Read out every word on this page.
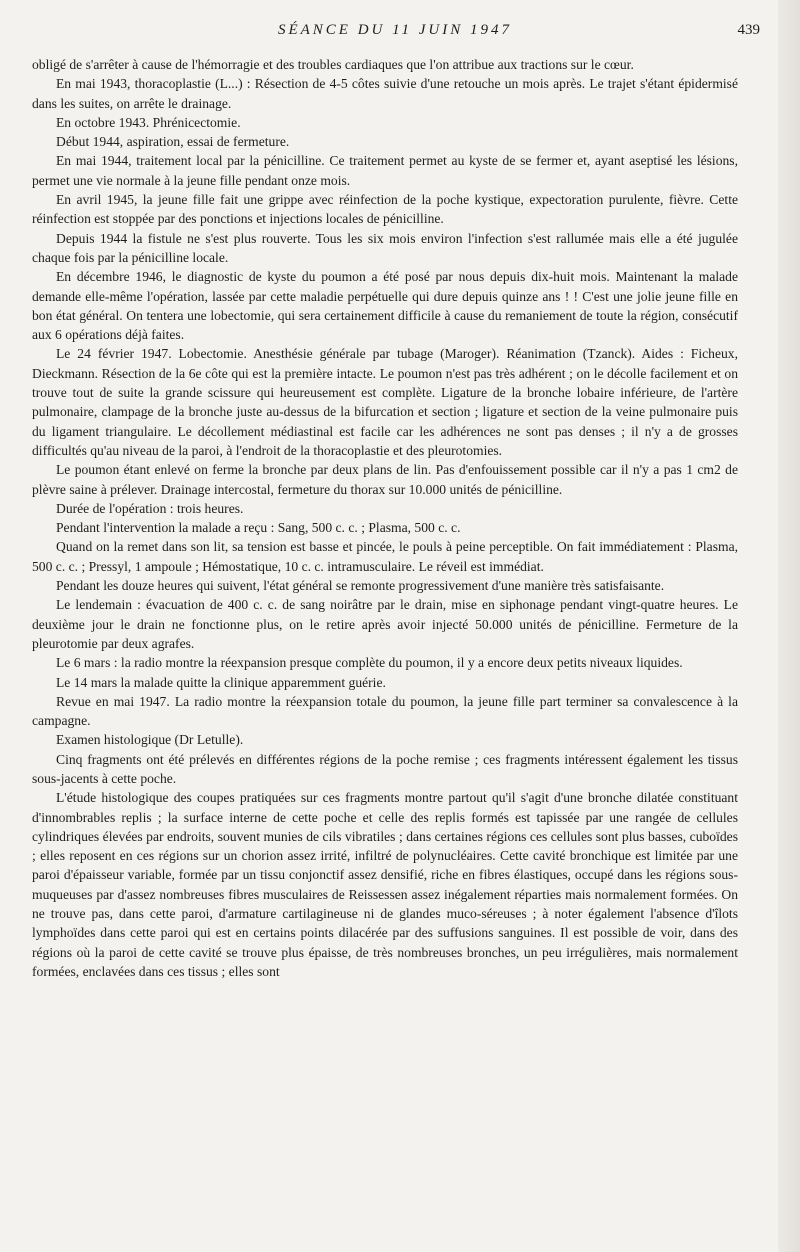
SÉANCE DU 11 JUIN 1947	439

obligé de s'arrêter à cause de l'hémorragie et des troubles cardiaques que l'on attribue aux tractions sur le cœur.

En mai 1943, thoracoplastie (L...) : Résection de 4-5 côtes suivie d'une retouche un mois après. Le trajet s'étant épidermisé dans les suites, on arrête le drainage.

En octobre 1943. Phrénicectomie.

Début 1944, aspiration, essai de fermeture.

En mai 1944, traitement local par la pénicilline. Ce traitement permet au kyste de se fermer et, ayant aseptisé les lésions, permet une vie normale à la jeune fille pendant onze mois.

En avril 1945, la jeune fille fait une grippe avec réinfection de la poche kystique, expectoration purulente, fièvre. Cette réinfection est stoppée par des ponctions et injections locales de pénicilline.

Depuis 1944 la fistule ne s'est plus rouverte. Tous les six mois environ l'infection s'est rallumée mais elle a été jugulée chaque fois par la pénicilline locale.

En décembre 1946, le diagnostic de kyste du poumon a été posé par nous depuis dix-huit mois. Maintenant la malade demande elle-même l'opération, lassée par cette maladie perpétuelle qui dure depuis quinze ans ! ! C'est une jolie jeune fille en bon état général. On tentera une lobectomie, qui sera certainement difficile à cause du remaniement de toute la région, consécutif aux 6 opérations déjà faites.

Le 24 février 1947. Lobectomie. Anesthésie générale par tubage (Maroger). Réanimation (Tzanck). Aides : Ficheux, Dieckmann. Résection de la 6e côte qui est la première intacte. Le poumon n'est pas très adhérent ; on le décolle facilement et on trouve tout de suite la grande scissure qui heureusement est complète. Ligature de la bronche lobaire inférieure, de l'artère pulmonaire, clampage de la bronche juste au-dessus de la bifurcation et section ; ligature et section de la veine pulmonaire puis du ligament triangulaire. Le décollement médiastinal est facile car les adhérences ne sont pas denses ; il n'y a de grosses difficultés qu'au niveau de la paroi, à l'endroit de la thoracoplastie et des pleurotomies.

Le poumon étant enlevé on ferme la bronche par deux plans de lin. Pas d'enfouissement possible car il n'y a pas 1 cm2 de plèvre saine à prélever. Drainage intercostal, fermeture du thorax sur 10.000 unités de pénicilline.

Durée de l'opération : trois heures.

Pendant l'intervention la malade a reçu : Sang, 500 c. c. ; Plasma, 500 c. c.

Quand on la remet dans son lit, sa tension est basse et pincée, le pouls à peine perceptible. On fait immédiatement : Plasma, 500 c. c. ; Pressyl, 1 ampoule ; Hémostatique, 10 c. c. intramusculaire. Le réveil est immédiat.

Pendant les douze heures qui suivent, l'état général se remonte progressivement d'une manière très satisfaisante.

Le lendemain : évacuation de 400 c. c. de sang noirâtre par le drain, mise en siphonage pendant vingt-quatre heures. Le deuxième jour le drain ne fonctionne plus, on le retire après avoir injecté 50.000 unités de pénicilline. Fermeture de la pleurotomie par deux agrafes.

Le 6 mars : la radio montre la réexpansion presque complète du poumon, il y a encore deux petits niveaux liquides.

Le 14 mars la malade quitte la clinique apparemment guérie.

Revue en mai 1947. La radio montre la réexpansion totale du poumon, la jeune fille part terminer sa convalescence à la campagne.

Examen histologique (Dr Letulle).

Cinq fragments ont été prélevés en différentes régions de la poche remise ; ces fragments intéressent également les tissus sous-jacents à cette poche.

L'étude histologique des coupes pratiquées sur ces fragments montre partout qu'il s'agit d'une bronche dilatée constituant d'innombrables replis ; la surface interne de cette poche et celle des replis formés est tapissée par une rangée de cellules cylindriques élevées par endroits, souvent munies de cils vibratiles ; dans certaines régions ces cellules sont plus basses, cuboïdes ; elles reposent en ces régions sur un chorion assez irrité, infiltré de polynucléaires. Cette cavité bronchique est limitée par une paroi d'épaisseur variable, formée par un tissu conjonctif assez densifié, riche en fibres élastiques, occupé dans les régions sous-muqueuses par d'assez nombreuses fibres musculaires de Reissessen assez inégalement réparties mais normalement formées. On ne trouve pas, dans cette paroi, d'armature cartilagineuse ni de glandes muco-séreuses ; à noter également l'absence d'îlots lymphoïdes dans cette paroi qui est en certains points dilacérée par des suffusions sanguines. Il est possible de voir, dans des régions où la paroi de cette cavité se trouve plus épaisse, de très nombreuses bronches, un peu irrégulières, mais normalement formées, enclavées dans ces tissus ; elles sont
